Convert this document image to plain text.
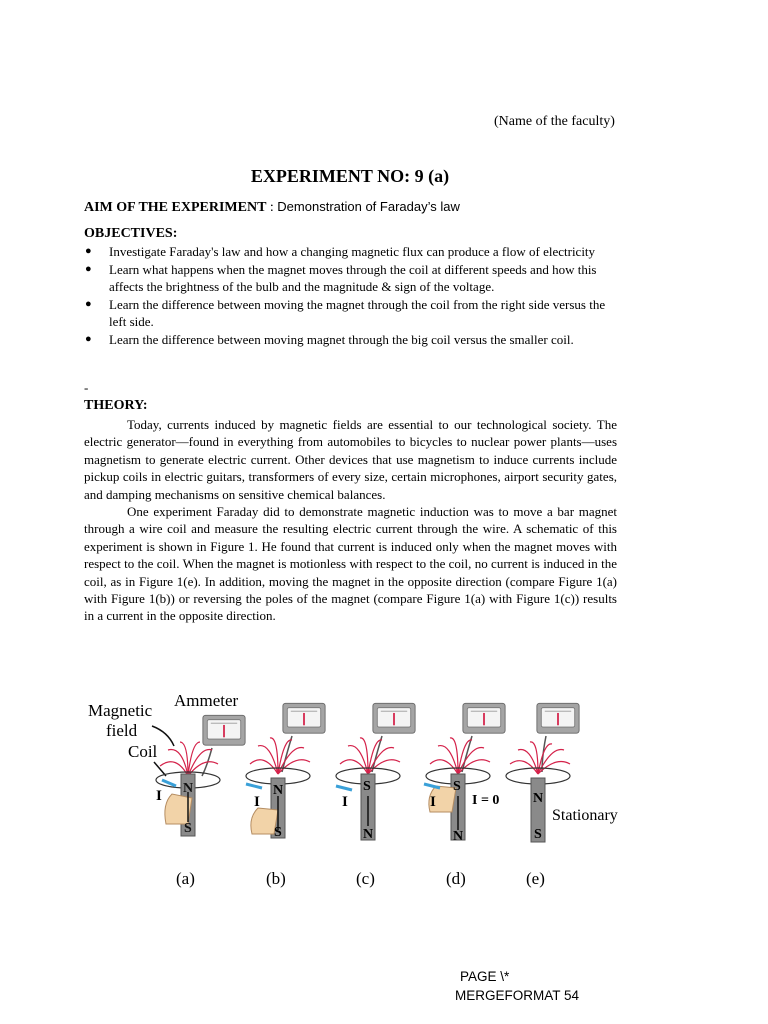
(Name of the faculty)
EXPERIMENT NO: 9 (a)
AIM OF THE EXPERIMENT : Demonstration of Faraday’s law
OBJECTIVES:
● Investigate Faraday's law and how a changing magnetic flux can produce a flow of electricity
● Learn what happens when the magnet moves through the coil at different speeds and how this affects the brightness of the bulb and the magnitude & sign of the voltage.
● Learn the difference between moving the magnet through the coil from the right side versus the left side.
● Learn the difference between moving magnet through the big coil versus the smaller coil.
-
THEORY:

Today, currents induced by magnetic fields are essential to our technological society. The electric generator—found in everything from automobiles to bicycles to nuclear power plants—uses magnetism to generate electric current. Other devices that use magnetism to induce currents include pickup coils in electric guitars, transformers of every size, certain microphones, airport security gates, and damping mechanisms on sensitive chemical balances.

One experiment Faraday did to demonstrate magnetic induction was to move a bar magnet through a wire coil and measure the resulting electric current through the wire. A schematic of this experiment is shown in Figure 1. He found that current is induced only when the magnet moves with respect to the coil. When the magnet is motionless with respect to the coil, no current is induced in the coil, as in Figure 1(e). In addition, moving the magnet in the opposite direction (compare Figure 1(a) with Figure 1(b)) or reversing the poles of the magnet (compare Figure 1(a) with Figure 1(c)) results in a current in the opposite direction.

Magnetic
field
Coil
Ammeter
I N
S
(a)
I
N
S
(b)
I
S
N
(c)
I
S
N
(d)
I = 0 N
S
Stationary
(e)
PAGE \*
MERGEFORMAT 54
